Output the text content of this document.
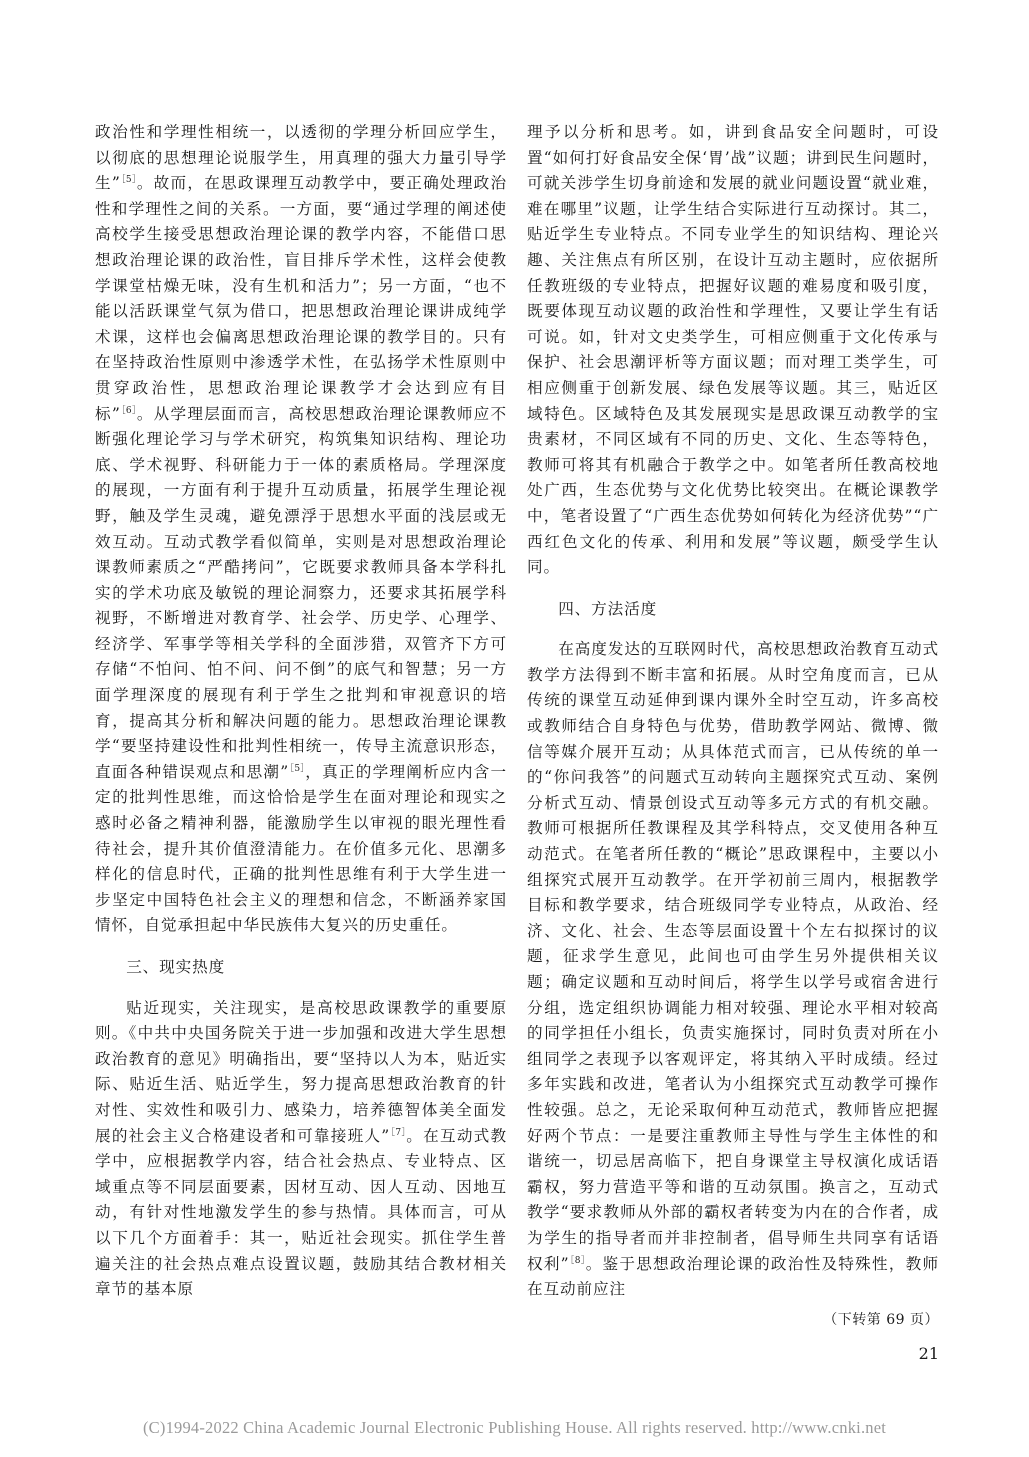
政治性和学理性相统一，以透彻的学理分析回应学生，以彻底的思想理论说服学生，用真理的强大力量引导学生”$^{[5]}$。故而，在思政课理互动教学中，要正确处理政治性和学理性之间的关系。一方面，要“通过学理的阐述使高校学生接受思想政治理论课的教学内容，不能借口思想政治理论课的政治性，盲目排斥学术性，这样会使教学课堂枯燥无味，没有生机和活力”；另一方面，“也不能以活跃课堂气氛为借口，把思想政治理论课讲成纯学术课，这样也会偏离思想政治理论课的教学目的。只有在坚持政治性原则中渗透学术性，在弘扬学术性原则中贯穿政治性，思想政治理论课教学才会达到应有目标”$^{[6]}$。从学理层面而言，高校思想政治理论课教师应不断强化理论学习与学术研究，构筑集知识结构、理论功底、学术视野、科研能力于一体的素质格局。学理深度的展现，一方面有利于提升互动质量，拓展学生理论视野，触及学生灵魂，避免漂浮于思想水平面的浅层或无效互动。互动式教学看似简单，实则是对思想政治理论课教师素质之“严酷拷问”，它既要求教师具备本学科扎实的学术功底及敏锐的理论洞察力，还要求其拓展学科视野，不断增进对教育学、社会学、历史学、心理学、经济学、军事学等相关学科的全面涉猎，双管齐下方可存储“不怕问、怕不问、问不倒”的底气和智慧；另一方面学理深度的展现有利于学生之批判和审视意识的培育，提高其分析和解决问题的能力。思想政治理论课教学“要坚持建设性和批判性相统一，传导主流意识形态，直面各种错误观点和思潮”$^{[5]}$，真正的学理阐析应内含一定的批判性思维，而这恰恰是学生在面对理论和现实之惑时必备之精神利器，能激励学生以审视的眼光理性看待社会，提升其价值澄清能力。在价值多元化、思潮多样化的信息时代，正确的批判性思维有利于大学生进一步坚定中国特色社会主义的理想和信念，不断涵养家国情怀，自觉承担起中华民族伟大复兴的历史重任。

三、现实热度

贴近现实，关注现实，是高校思政课教学的重要原则。《中共中央国务院关于进一步加强和改进大学生思想政治教育的意见》明确指出，要“坚持以人为本，贴近实际、贴近生活、贴近学生，努力提高思想政治教育的针对性、实效性和吸引力、感染力，培养德智体美全面发展的社会主义合格建设者和可靠接班人”$^{[7]}$。在互动式教学中，应根据教学内容，结合社会热点、专业特点、区域重点等不同层面要素，因材互动、因人互动、因地互动，有针对性地激发学生的参与热情。具体而言，可从以下几个方面着手：其一，贴近社会现实。抓住学生普遍关注的社会热点难点设置议题，鼓励其结合教材相关章节的基本原

理予以分析和思考。如，讲到食品安全问题时，可设置“如何打好食品安全保‘胃’战”议题；讲到民生问题时，可就关涉学生切身前途和发展的就业问题设置“就业难，难在哪里”议题，让学生结合实际进行互动探讨。其二，贴近学生专业特点。不同专业学生的知识结构、理论兴趣、关注焦点有所区别，在设计互动主题时，应依据所任教班级的专业特点，把握好议题的难易度和吸引度，既要体现互动议题的政治性和学理性，又要让学生有话可说。如，针对文史类学生，可相应侧重于文化传承与保护、社会思潮评析等方面议题；而对理工类学生，可相应侧重于创新发展、绿色发展等议题。其三，贴近区域特色。区域特色及其发展现实是思政课互动教学的宝贵素材，不同区域有不同的历史、文化、生态等特色，教师可将其有机融合于教学之中。如笔者所任教高校地处广西，生态优势与文化优势比较突出。在概论课教学中，笔者设置了“广西生态优势如何转化为经济优势”“广西红色文化的传承、利用和发展”等议题，颇受学生认同。

四、方法活度

在高度发达的互联网时代，高校思想政治教育互动式教学方法得到不断丰富和拓展。从时空角度而言，已从传统的课堂互动延伸到课内课外全时空互动，许多高校或教师结合自身特色与优势，借助教学网站、微博、微信等媒介展开互动；从具体范式而言，已从传统的单一的“你问我答”的问题式互动转向主题探究式互动、案例分析式互动、情景创设式互动等多元方式的有机交融。教师可根据所任教课程及其学科特点，交叉使用各种互动范式。在笔者所任教的“概论”思政课程中，主要以小组探究式展开互动教学。在开学初前三周内，根据教学目标和教学要求，结合班级同学专业特点，从政治、经济、文化、社会、生态等层面设置十个左右拟探讨的议题，征求学生意见，此间也可由学生另外提供相关议题；确定议题和互动时间后，将学生以学号或宿舍进行分组，选定组织协调能力相对较强、理论水平相对较高的同学担任小组长，负责实施探讨，同时负责对所在小组同学之表现予以客观评定，将其纳入平时成绩。经过多年实践和改进，笔者认为小组探究式互动教学可操作性较强。总之，无论采取何种互动范式，教师皆应把握好两个节点：一是要注重教师主导性与学生主体性的和谐统一，切忌居高临下，把自身课堂主导权演化成话语霸权，努力营造平等和谐的互动氛围。换言之，互动式教学“要求教师从外部的霸权者转变为内在的合作者，成为学生的指导者而并非控制者，倡导师生共同享有话语权利”$^{[8]}$。鉴于思想政治理论课的政治性及特殊性，教师在互动前应注

（下转第 69 页）
21
(C)1994-2022 China Academic Journal Electronic Publishing House. All rights reserved. http://www.cnki.net
